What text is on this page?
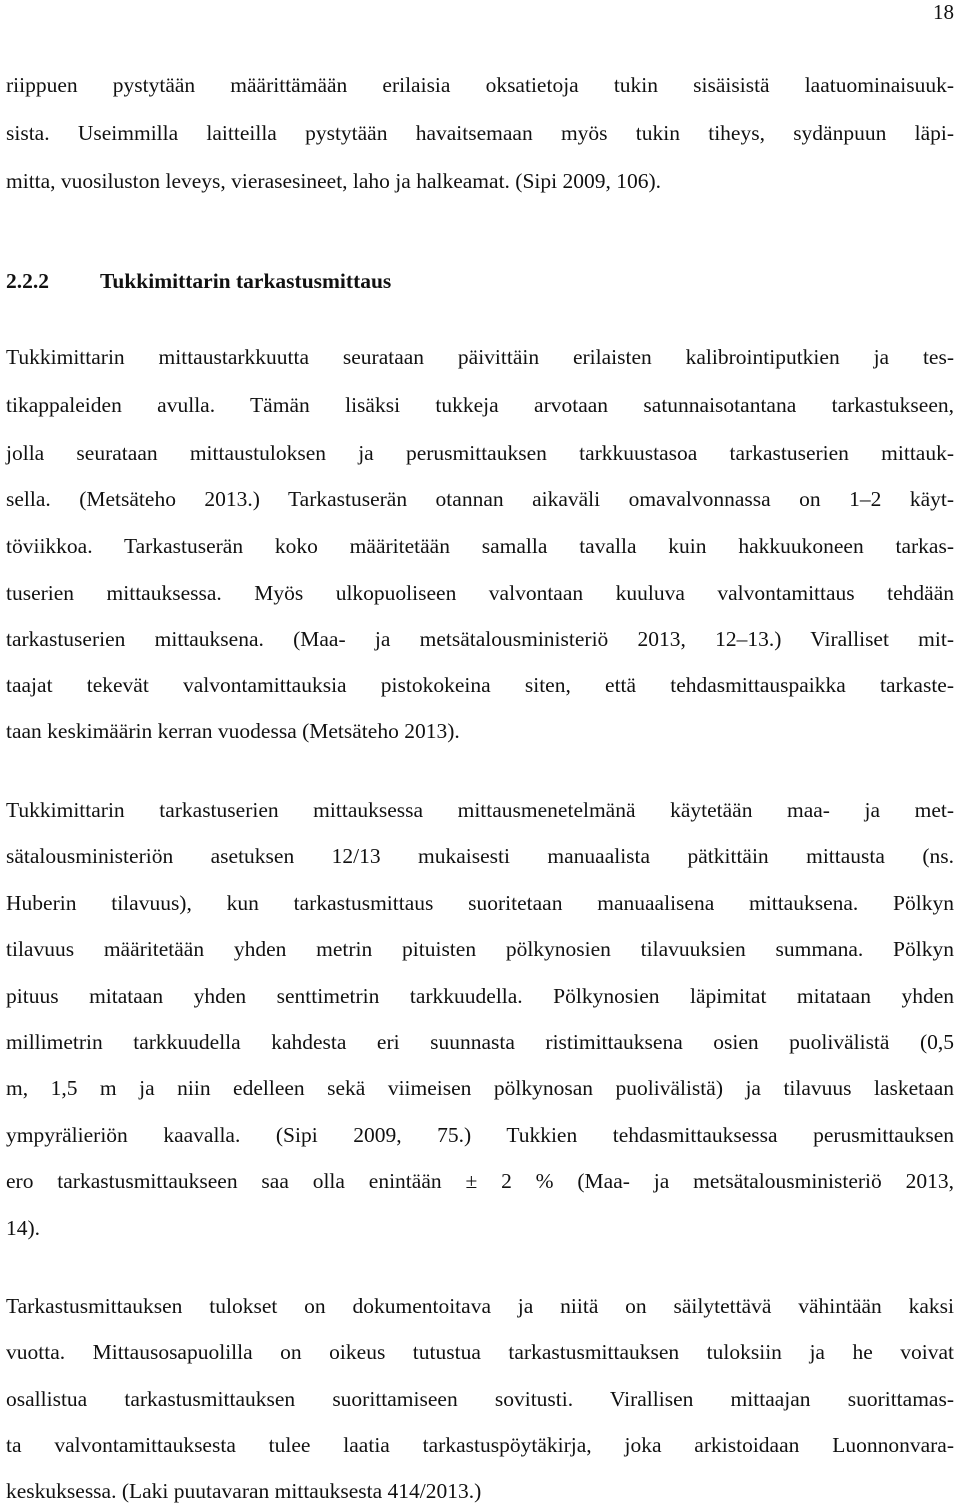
18
riippuen pystytään määrittämään erilaisia oksatietoja tukin sisäisistä laatuominaisuuk-
sista. Useimmilla laitteilla pystytään havaitsemaan myös tukin tiheys, sydänpuun läpi-
mitta, vuosiluston leveys, vierasesineet, laho ja halkeamat. (Sipi 2009, 106).
2.2.2 Tukkimittarin tarkastusmittaus
Tukkimittarin mittaustarkkuutta seurataan päivittäin erilaisten kalibrointiputkien ja tes-
tikappaleiden avulla. Tämän lisäksi tukkeja arvotaan satunnaisotantana tarkastukseen,
jolla seurataan mittaustuloksen ja perusmittauksen tarkkuustasoa tarkastuserien mittauk-
sella. (Metsäteho 2013.) Tarkastuserän otannan aikaväli omavalvonnassa on 1–2 käyt-
töviikkoa. Tarkastuserän koko määritetään samalla tavalla kuin hakkuukoneen tarkas-
tuserien mittauksessa. Myös ulkopuoliseen valvontaan kuuluva valvontamittaus tehdään
tarkastuserien mittauksena. (Maa- ja metsätalousministeriö 2013, 12–13.) Viralliset mit-
taajat tekevät valvontamittauksia pistokokeina siten, että tehdasmittauspaikka tarkaste-
taan keskimäärin kerran vuodessa (Metsäteho 2013).
Tukkimittarin tarkastuserien mittauksessa mittausmenetelmänä käytetään maa- ja met-
sätalousministeriön asetuksen 12/13 mukaisesti manuaalista pätkittäin mittausta (ns.
Huberin tilavuus), kun tarkastusmittaus suoritetaan manuaalisena mittauksena. Pölkyn
tilavuus määritetään yhden metrin pituisten pölkynosien tilavuuksien summana. Pölkyn
pituus mitataan yhden senttimetrin tarkkuudella. Pölkynosien läpimitat mitataan yhden
millimetrin tarkkuudella kahdesta eri suunnasta ristimittauksena osien puolivälistä (0,5
m, 1,5 m ja niin edelleen sekä viimeisen pölkynosan puolivälistä) ja tilavuus lasketaan
ympyrälieriön kaavalla. (Sipi 2009, 75.) Tukkien tehdasmittauksessa perusmittauksen
ero tarkastusmittaukseen saa olla enintään ± 2 % (Maa- ja metsätalousministeriö 2013,
14).
Tarkastusmittauksen tulokset on dokumentoitava ja niitä on säilytettävä vähintään kaksi
vuotta. Mittausosapuolilla on oikeus tutustua tarkastusmittauksen tuloksiin ja he voivat
osallistua tarkastusmittauksen suorittamiseen sovitusti. Virallisen mittaajan suorittamas-
ta valvontamittauksesta tulee laatia tarkastuspöytäkirja, joka arkistoidaan Luonnonvara-
keskuksessa. (Laki puutavaran mittauksesta 414/2013.)
